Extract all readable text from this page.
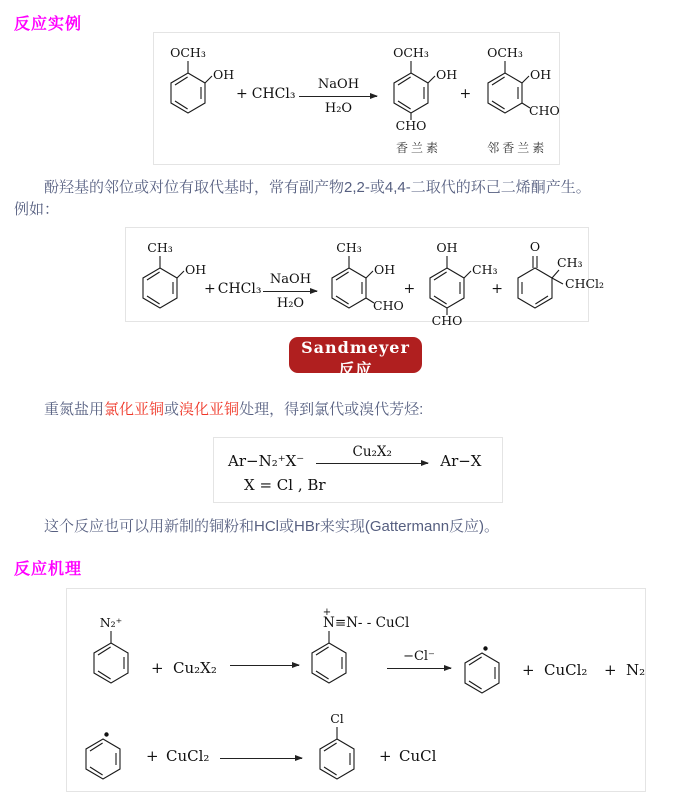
反应实例
OCH₃
OH
+ CHCl₃
NaOH
H₂O
OCH₃
OH
CHO
香兰素
+
OCH₃
OH
CHO
邻香兰素
酚羟基的邻位或对位有取代基时，常有副产物2,2-或4,4-二取代的环己二烯酮产生。
例如：
CH₃
OH
+ CHCl₃
NaOH
H₂O
CH₃
OH
CHO
+
OH
CH₃
CHO
+
O
CH₃
CHCl₂
Sandmeyer反应
重氮盐用氯化亚铜或溴化亚铜处理，得到氯代或溴代芳烃:
Ar−N₂⁺X⁻	Cu₂X₂	Ar−X
X = Cl , Br
这个反应也可以用新制的铜粉和HCl或HBr来实现(Gattermann反应)。
反应机理
N₂⁺
+ Cu₂X₂
+
N≡N- - CuCl
−Cl⁻
+ CuCl₂ + N₂
+ CuCl₂
Cl
+ CuCl
